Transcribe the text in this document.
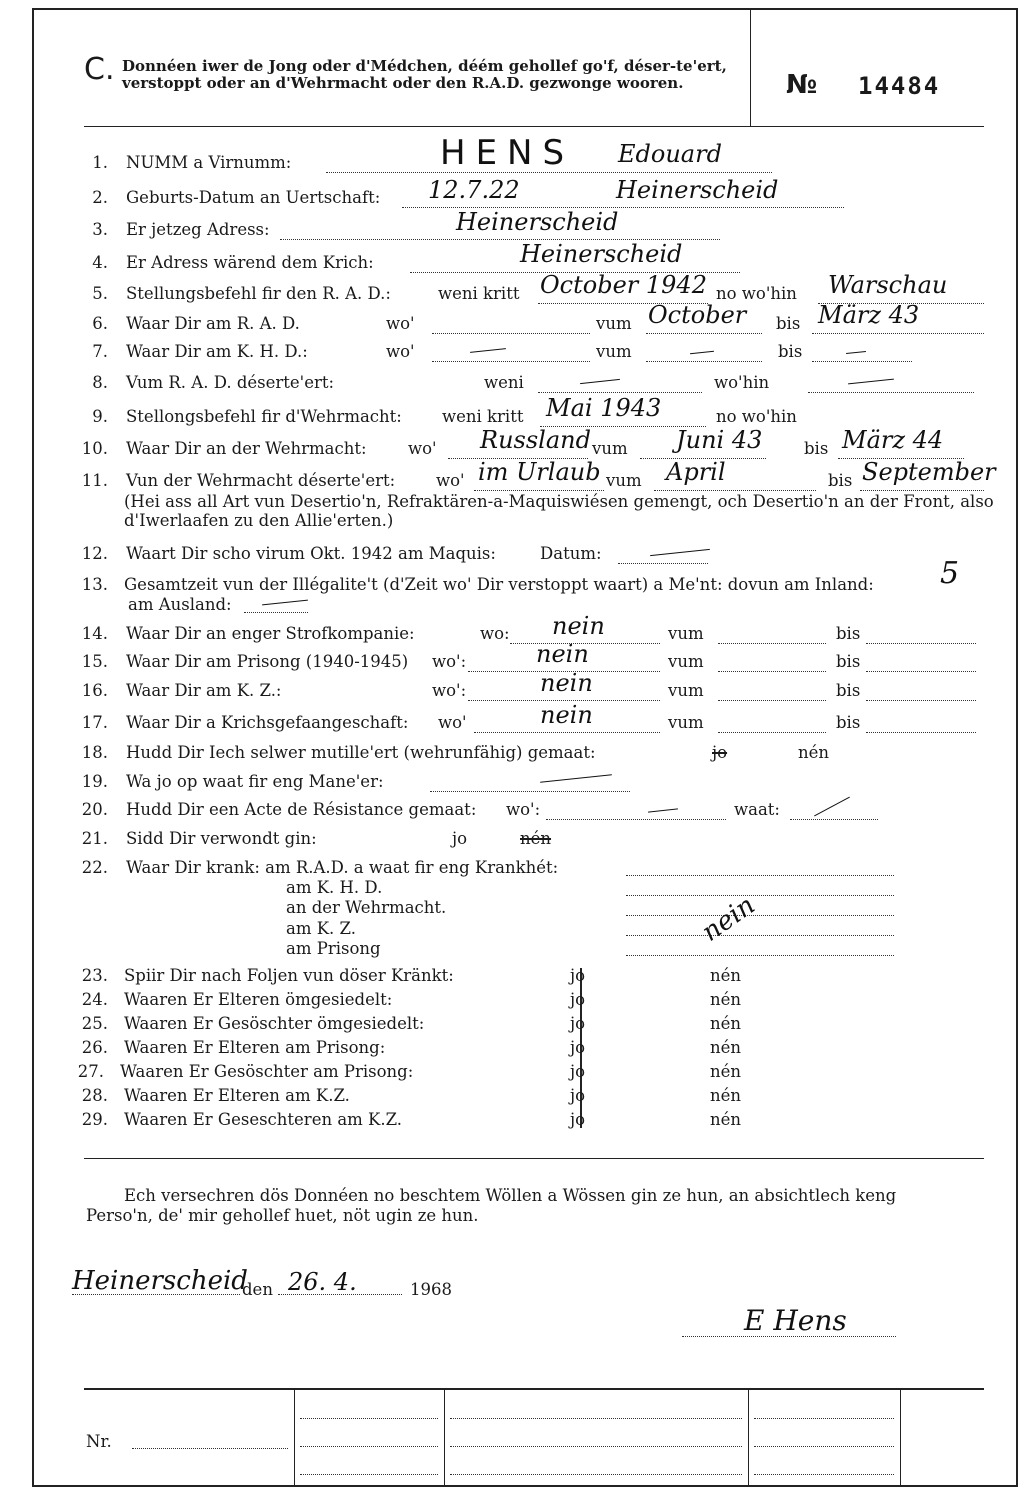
C. Donnéen iwer de Jong oder d'Médchen, déém gehollef go'f, déser-te'ert, verstoppt oder an d'Wehrmacht oder den R.A.D. gezwonge wooren.	№ 14484
1. NUMM a Virnumm:	HENS Edouard
2. Geburts-Datum an Uertschaft: 12.7.22	Heinerscheid
3. Er jetzeg Adress:	Heinerscheid
4. Er Adress wärend dem Krich:	Heinerscheid
5. Stellungsbefehl fir den R. A. D.:	weni kritt October 1942 no wo'hin Warschau
6. Waar Dir am R. A. D.	wo'	vum October bis März 43
7. Waar Dir am K. H. D.:	wo'	vum	bis
8. Vum R. A. D. déserte'ert:	weni	wo'hin
9. Stellongsbefehl fir d'Wehrmacht: weni kritt Mai 1943	no wo'hin
10. Waar Dir an der Wehrmacht:	wo' Russland vum Juni 43	bis März 44
11. Vun der Wehrmacht déserte'ert: wo' im Urlaub vum April	bis September
(Hei ass all Art vun Desertio'n, Refraktären-a-Maquiswiésen gemengt, och Desertio'n an der Front, also d'Iwerlaafen zu den Allie'erten.)
12. Waart Dir scho virum Okt. 1942 am Maquis:	Datum:
13. Gesamtzeit vun der Illégalite't (d'Zeit wo' Dir verstoppt waart) a Me'nt: dovun am Inland: 5
am Ausland:
14. Waar Dir an enger Strofkompanie:	wo: nein	vum	bis
15. Waar Dir am Prisong (1940-1945) wo':	nein	vum	bis
16. Waar Dir am K. Z.:	wo':	nein	vum	bis
17. Waar Dir a Krichsgefaangeschaft: wo'	nein	vum	bis
18. Hudd Dir Iech selwer mutille'ert (wehrunfähig) gemaat:	jo	nén
19. Wa jo op waat fir eng Mane'er:
20. Hudd Dir een Acte de Résistance gemaat: wo':	waat:
21. Sidd Dir verwondt gin:	jo	nén
22. Waar Dir krank: am R.A.D. a waat fir eng Krankhét:
am K. H. D.
an der Wehrmacht.
am K. Z.
am Prisong
nein
23. Spiir Dir nach Foljen vun döser Kränkt:	jo	nén
24. Waaren Er Elteren ömgesiedelt:	jo	nén
25. Waaren Er Gesöschter ömgesiedelt:	jo	nén
26. Waaren Er Elteren am Prisong:	jo	nén
27. Waaren Er Gesöschter am Prisong:	jo	nén
28. Waaren Er Elteren am K.Z.	jo	nén
29. Waaren Er Geseschteren am K.Z.	jo	nén
Ech versechren dös Donnéen no beschtem Wöllen a Wössen gin ze hun, an absichtlech keng Perso'n, de' mir gehollef huet, nöt ugin ze hun.
Heinerscheid
den 26. 4.	1968
E Hens
Nr.
